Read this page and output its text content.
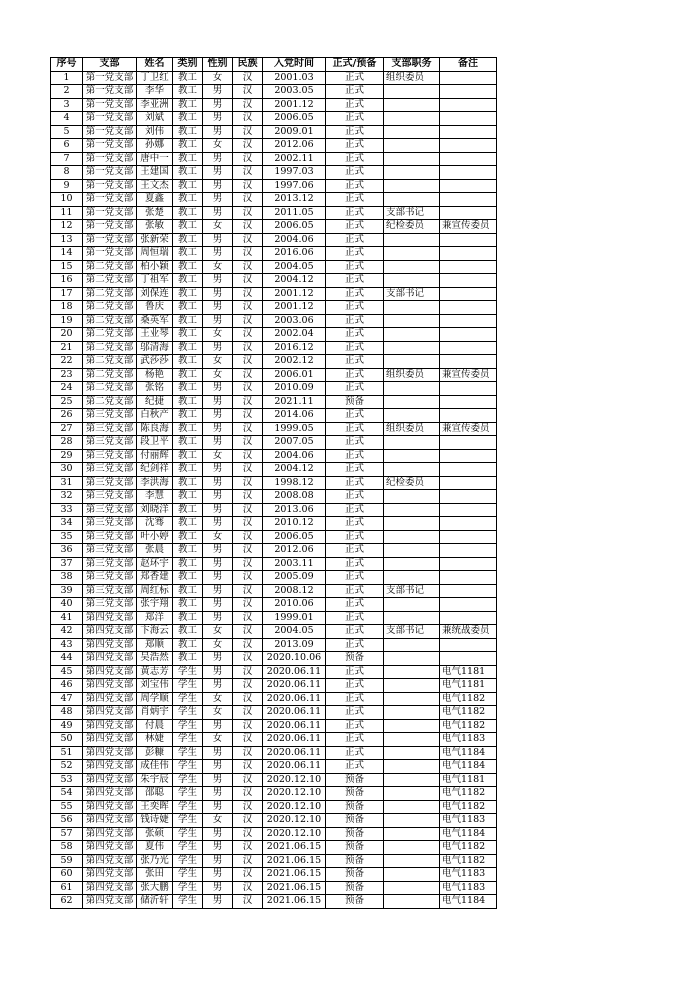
序号	支部	姓名	类别	性别	民族	入党时间	正式/预备	支部职务	备注
1	第一党支部	丁卫红	教工	女	汉	2001.03	正式	组织委员	
2	第一党支部	李华	教工	男	汉	2003.05	正式		
3	第一党支部	李亚洲	教工	男	汉	2001.12	正式		
4	第一党支部	刘斌	教工	男	汉	2006.05	正式		
5	第一党支部	刘伟	教工	男	汉	2009.01	正式		
6	第一党支部	孙娜	教工	女	汉	2012.06	正式		
7	第一党支部	唐中一	教工	男	汉	2002.11	正式		
8	第一党支部	王建国	教工	男	汉	1997.03	正式		
9	第一党支部	王文杰	教工	男	汉	1997.06	正式		
10	第一党支部	夏鑫	教工	男	汉	2013.12	正式		
11	第一党支部	张楚	教工	男	汉	2011.05	正式	支部书记	
12	第一党支部	张敏	教工	女	汉	2006.05	正式	纪检委员	兼宣传委员
13	第一党支部	张新荣	教工	男	汉	2004.06	正式		
14	第一党支部	周恒瑞	教工	男	汉	2016.06	正式		
15	第二党支部	柏小颖	教工	女	汉	2004.05	正式		
16	第二党支部	丁祖军	教工	男	汉	2004.12	正式		
17	第二党支部	刘保连	教工	男	汉	2001.12	正式	支部书记	
18	第二党支部	鲁庆	教工	男	汉	2001.12	正式		
19	第二党支部	桑英军	教工	男	汉	2003.06	正式		
20	第二党支部	王业琴	教工	女	汉	2002.04	正式		
21	第二党支部	邬清海	教工	男	汉	2016.12	正式		
22	第二党支部	武莎莎	教工	女	汉	2002.12	正式		
23	第二党支部	杨艳	教工	女	汉	2006.01	正式	组织委员	兼宣传委员
24	第二党支部	张铭	教工	男	汉	2010.09	正式		
25	第二党支部	纪捷	教工	男	汉	2021.11	预备		
26	第三党支部	白秋产	教工	男	汉	2014.06	正式		
27	第三党支部	陈良海	教工	男	汉	1999.05	正式	组织委员	兼宣传委员
28	第三党支部	段卫平	教工	男	汉	2007.05	正式		
29	第三党支部	付丽辉	教工	女	汉	2004.06	正式		
30	第三党支部	纪剑祥	教工	男	汉	2004.12	正式		
31	第三党支部	李洪海	教工	男	汉	1998.12	正式	纪检委员	
32	第三党支部	李慧	教工	男	汉	2008.08	正式		
33	第三党支部	刘晓洋	教工	男	汉	2013.06	正式		
34	第三党支部	沈骞	教工	男	汉	2010.12	正式		
35	第三党支部	叶小婷	教工	女	汉	2006.05	正式		
36	第三党支部	张晨	教工	男	汉	2012.06	正式		
37	第三党支部	赵环宇	教工	男	汉	2003.11	正式		
38	第三党支部	郑香建	教工	男	汉	2005.09	正式		
39	第三党支部	周红标	教工	男	汉	2008.12	正式	支部书记	
40	第三党支部	张宇翔	教工	男	汉	2010.06	正式		
41	第四党支部	郑洋	教工	男	汉	1999.01	正式		
42	第四党支部	卞海云	教工	女	汉	2004.05	正式	支部书记	兼统战委员
43	第四党支部	郑顺	教工	女	汉	2013.09	正式		
44	第四党支部	吴浩然	教工	男	汉	2020.10.06	预备		
45	第四党支部	黄志芳	学生	男	汉	2020.06.11	正式		电气1181
46	第四党支部	刘宝伟	学生	男	汉	2020.06.11	正式		电气1181
47	第四党支部	周学顺	学生	女	汉	2020.06.11	正式		电气1182
48	第四党支部	肖炳宇	学生	女	汉	2020.06.11	正式		电气1182
49	第四党支部	付晨	学生	男	汉	2020.06.11	正式		电气1182
50	第四党支部	林婕	学生	女	汉	2020.06.11	正式		电气1183
51	第四党支部	彭糠	学生	男	汉	2020.06.11	正式		电气1184
52	第四党支部	成佳伟	学生	男	汉	2020.06.11	正式		电气1184
53	第四党支部	朱宇辰	学生	男	汉	2020.12.10	预备		电气1181
54	第四党支部	邵聪	学生	男	汉	2020.12.10	预备		电气1182
55	第四党支部	王奕晖	学生	男	汉	2020.12.10	预备		电气1182
56	第四党支部	钱诗婕	学生	女	汉	2020.12.10	预备		电气1183
57	第四党支部	张硕	学生	男	汉	2020.12.10	预备		电气1184
58	第四党支部	夏伟	学生	男	汉	2021.06.15	预备		电气1182
59	第四党支部	张乃光	学生	男	汉	2021.06.15	预备		电气1182
60	第四党支部	张田	学生	男	汉	2021.06.15	预备		电气1183
61	第四党支部	张大鹏	学生	男	汉	2021.06.15	预备		电气1183
62	第四党支部	储沂轩	学生	男	汉	2021.06.15	预备		电气1184
